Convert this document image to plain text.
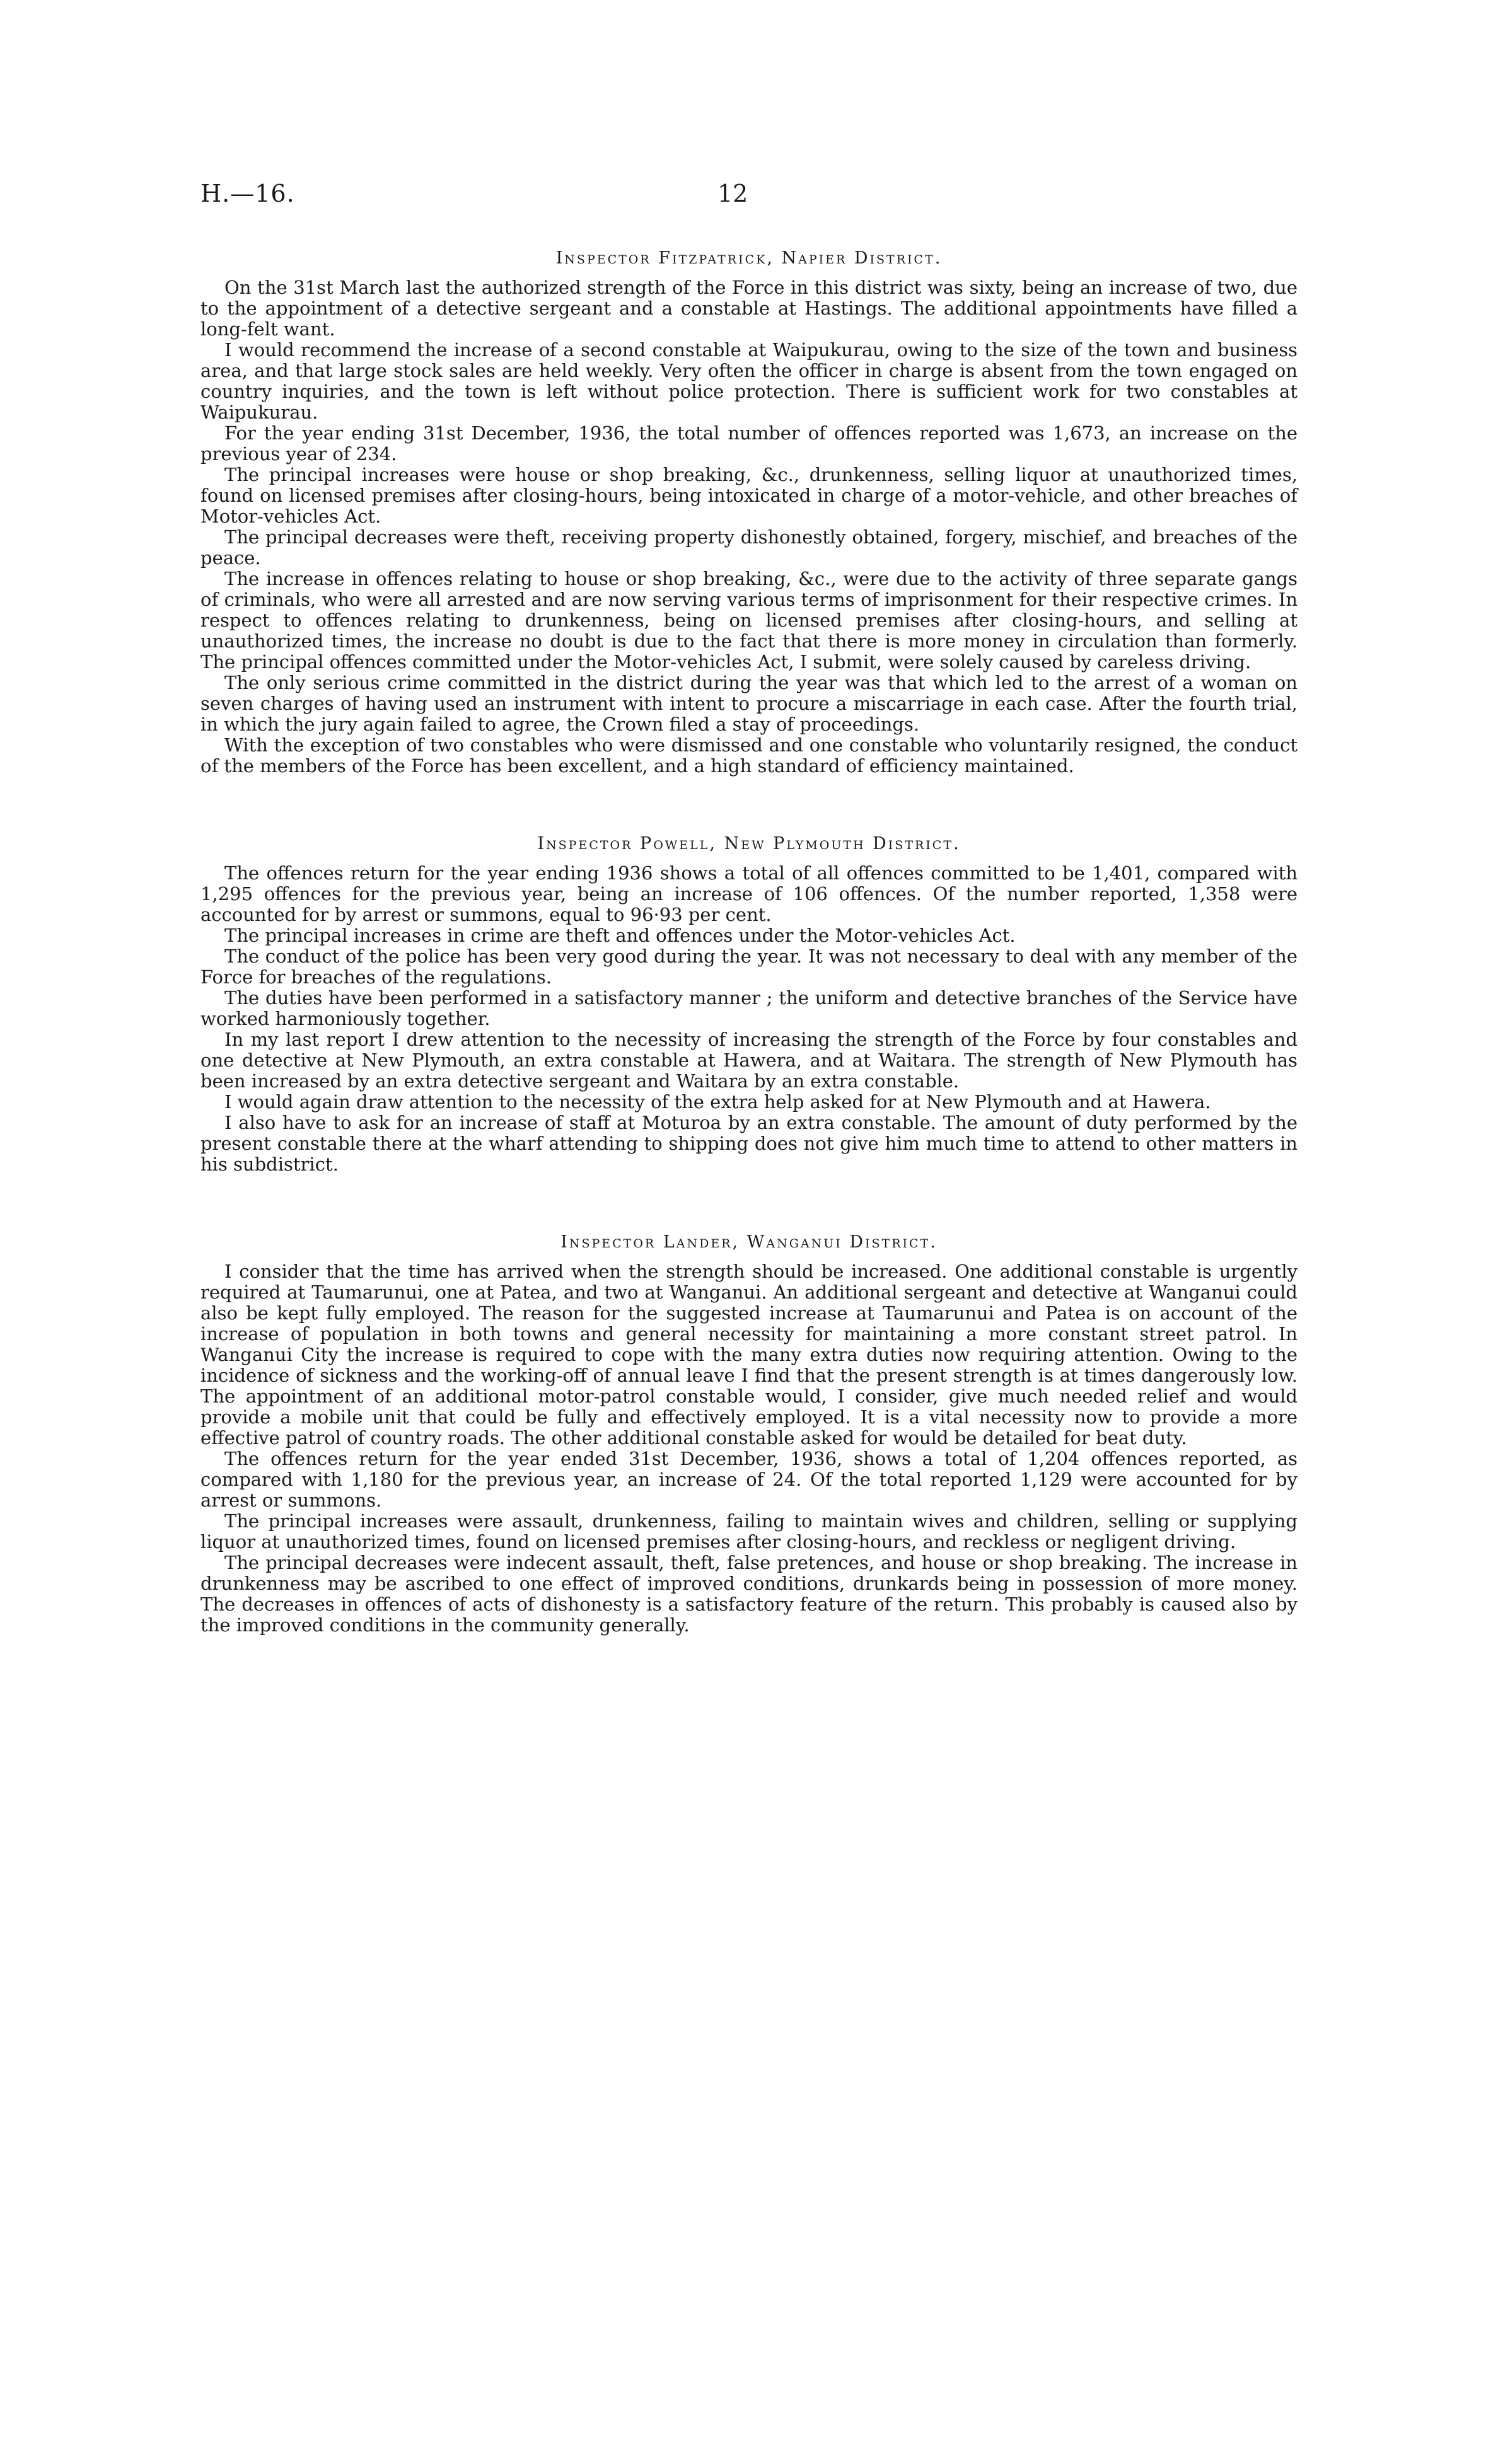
H.—16.	12
Inspector Fitzpatrick, Napier District.

On the 31st March last the authorized strength of the Force in this district was sixty, being an increase of two, due to the appointment of a detective sergeant and a constable at Hastings. The additional appointments have filled a long-felt want.

I would recommend the increase of a second constable at Waipukurau, owing to the size of the town and business area, and that large stock sales are held weekly. Very often the officer in charge is absent from the town engaged on country inquiries, and the town is left without police protection. There is sufficient work for two constables at Waipukurau.

For the year ending 31st December, 1936, the total number of offences reported was 1,673, an increase on the previous year of 234.

The principal increases were house or shop breaking, &c., drunkenness, selling liquor at unauthorized times, found on licensed premises after closing-hours, being intoxicated in charge of a motor-vehicle, and other breaches of Motor-vehicles Act.

The principal decreases were theft, receiving property dishonestly obtained, forgery, mischief, and breaches of the peace.

The increase in offences relating to house or shop breaking, &c., were due to the activity of three separate gangs of criminals, who were all arrested and are now serving various terms of imprisonment for their respective crimes. In respect to offences relating to drunkenness, being on licensed premises after closing-hours, and selling at unauthorized times, the increase no doubt is due to the fact that there is more money in circulation than formerly. The principal offences committed under the Motor-vehicles Act, I submit, were solely caused by careless driving.

The only serious crime committed in the district during the year was that which led to the arrest of a woman on seven charges of having used an instrument with intent to procure a miscarriage in each case. After the fourth trial, in which the jury again failed to agree, the Crown filed a stay of proceedings.

With the exception of two constables who were dismissed and one constable who voluntarily resigned, the conduct of the members of the Force has been excellent, and a high standard of efficiency maintained.

Inspector Powell, New Plymouth District.

The offences return for the year ending 1936 shows a total of all offences committed to be 1,401, compared with 1,295 offences for the previous year, being an increase of 106 offences. Of the number reported, 1,358 were accounted for by arrest or summons, equal to 96·93 per cent.

The principal increases in crime are theft and offences under the Motor-vehicles Act.

The conduct of the police has been very good during the year. It was not necessary to deal with any member of the Force for breaches of the regulations.

The duties have been performed in a satisfactory manner ; the uniform and detective branches of the Service have worked harmoniously together.

In my last report I drew attention to the necessity of increasing the strength of the Force by four constables and one detective at New Plymouth, an extra constable at Hawera, and at Waitara. The strength of New Plymouth has been increased by an extra detective sergeant and Waitara by an extra constable.

I would again draw attention to the necessity of the extra help asked for at New Plymouth and at Hawera.

I also have to ask for an increase of staff at Moturoa by an extra constable. The amount of duty performed by the present constable there at the wharf attending to shipping does not give him much time to attend to other matters in his subdistrict.

Inspector Lander, Wanganui District.

I consider that the time has arrived when the strength should be increased. One additional constable is urgently required at Taumarunui, one at Patea, and two at Wanganui. An additional sergeant and detective at Wanganui could also be kept fully employed. The reason for the suggested increase at Taumarunui and Patea is on account of the increase of population in both towns and general necessity for maintaining a more constant street patrol. In Wanganui City the increase is required to cope with the many extra duties now requiring attention. Owing to the incidence of sickness and the working-off of annual leave I find that the present strength is at times dangerously low. The appointment of an additional motor-patrol constable would, I consider, give much needed relief and would provide a mobile unit that could be fully and effectively employed. It is a vital necessity now to provide a more effective patrol of country roads. The other additional constable asked for would be detailed for beat duty.

The offences return for the year ended 31st December, 1936, shows a total of 1,204 offences reported, as compared with 1,180 for the previous year, an increase of 24. Of the total reported 1,129 were accounted for by arrest or summons.

The principal increases were assault, drunkenness, failing to maintain wives and children, selling or supplying liquor at unauthorized times, found on licensed premises after closing-hours, and reckless or negligent driving.

The principal decreases were indecent assault, theft, false pretences, and house or shop breaking. The increase in drunkenness may be ascribed to one effect of improved conditions, drunkards being in possession of more money. The decreases in offences of acts of dishonesty is a satisfactory feature of the return. This probably is caused also by the improved conditions in the community generally.
